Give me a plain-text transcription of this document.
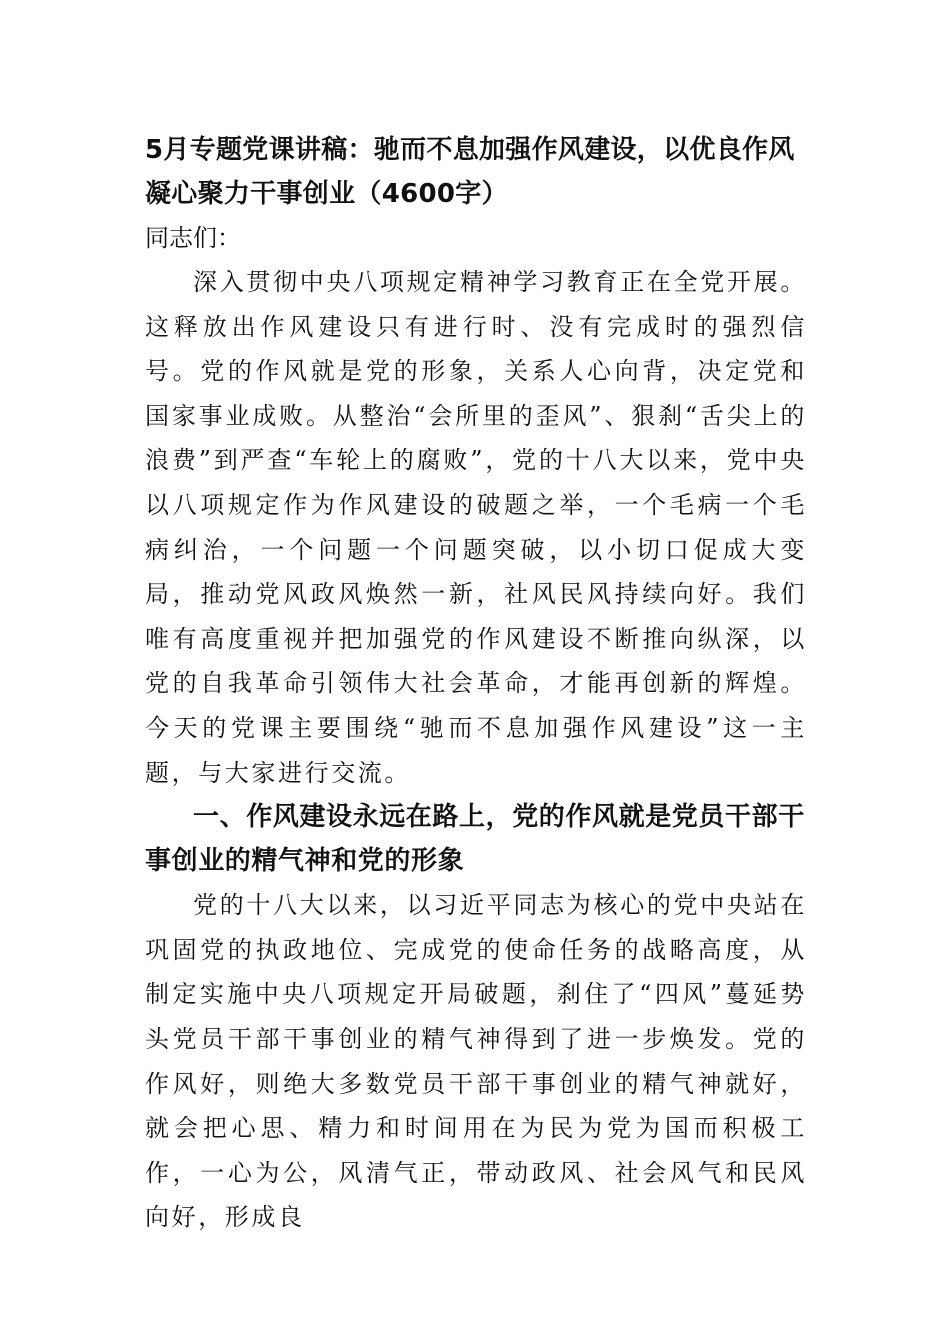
5月专题党课讲稿：驰而不息加强作风建设，以优良作风凝心聚力干事创业（4600字）

同志们：

深入贯彻中央八项规定精神学习教育正在全党开展。这释放出作风建设只有进行时、没有完成时的强烈信号。党的作风就是党的形象，关系人心向背，决定党和国家事业成败。从整治“会所里的歪风”、狠刹“舌尖上的浪费”到严查“车轮上的腐败”，党的十八大以来，党中央以八项规定作为作风建设的破题之举，一个毛病一个毛病纠治，一个问题一个问题突破，以小切口促成大变局，推动党风政风焕然一新，社风民风持续向好。我们唯有高度重视并把加强党的作风建设不断推向纵深，以党的自我革命引领伟大社会革命，才能再创新的辉煌。今天的党课主要围绕“驰而不息加强作风建设”这一主题，与大家进行交流。

一、作风建设永远在路上，党的作风就是党员干部干事创业的精气神和党的形象

党的十八大以来，以习近平同志为核心的党中央站在巩固党的执政地位、完成党的使命任务的战略高度，从制定实施中央八项规定开局破题，刹住了“四风”蔓延势头党员干部干事创业的精气神得到了进一步焕发。党的作风好，则绝大多数党员干部干事创业的精气神就好，就会把心思、精力和时间用在为民为党为国而积极工作，一心为公，风清气正，带动政风、社会风气和民风向好，形成良
